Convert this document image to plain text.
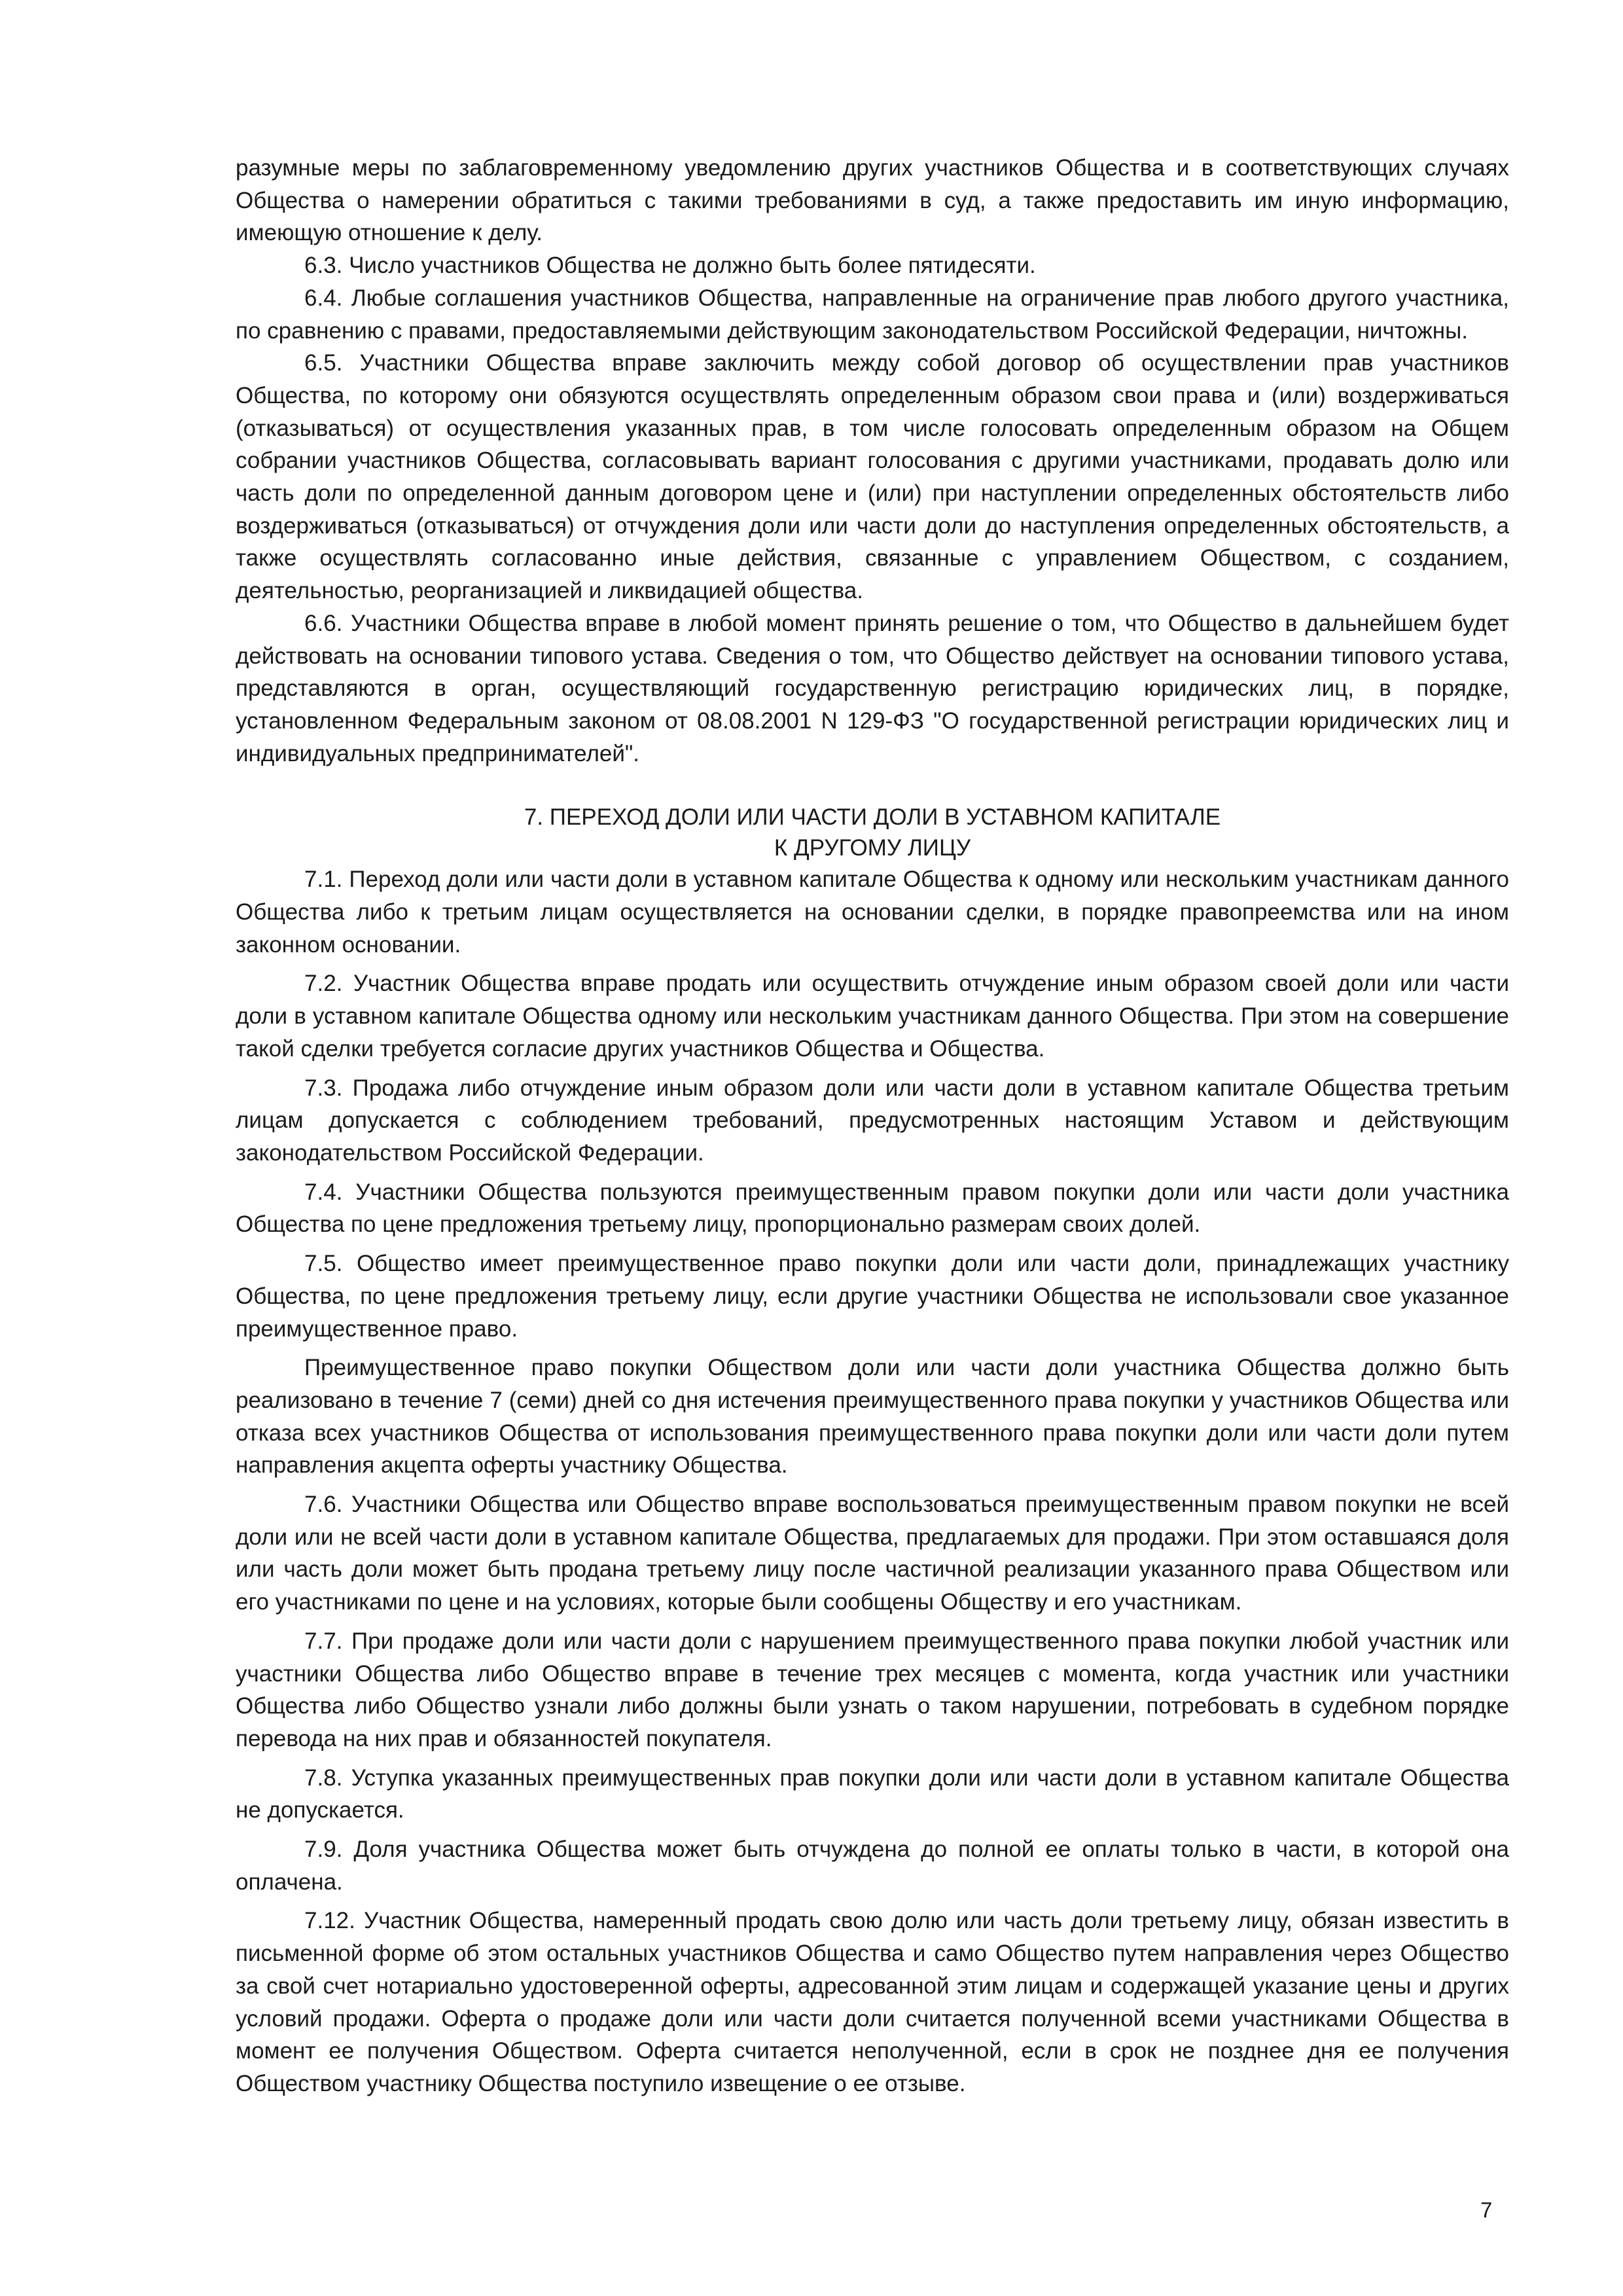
разумные меры по заблаговременному уведомлению других участников Общества и в соответствующих случаях Общества о намерении обратиться с такими требованиями в суд, а также предоставить им иную информацию, имеющую отношение к делу.

6.3. Число участников Общества не должно быть более пятидесяти.

6.4. Любые соглашения участников Общества, направленные на ограничение прав любого другого участника, по сравнению с правами, предоставляемыми действующим законодательством Российской Федерации, ничтожны.

6.5. Участники Общества вправе заключить между собой договор об осуществлении прав участников Общества, по которому они обязуются осуществлять определенным образом свои права и (или) воздерживаться (отказываться) от осуществления указанных прав, в том числе голосовать определенным образом на Общем собрании участников Общества, согласовывать вариант голосования с другими участниками, продавать долю или часть доли по определенной данным договором цене и (или) при наступлении определенных обстоятельств либо воздерживаться (отказываться) от отчуждения доли или части доли до наступления определенных обстоятельств, а также осуществлять согласованно иные действия, связанные с управлением Обществом, с созданием, деятельностью, реорганизацией и ликвидацией общества.

6.6. Участники Общества вправе в любой момент принять решение о том, что Общество в дальнейшем будет действовать на основании типового устава. Сведения о том, что Общество действует на основании типового устава, представляются в орган, осуществляющий государственную регистрацию юридических лиц, в порядке, установленном Федеральным законом от 08.08.2001 N 129-ФЗ "О государственной регистрации юридических лиц и индивидуальных предпринимателей".

7. ПЕРЕХОД ДОЛИ ИЛИ ЧАСТИ ДОЛИ В УСТАВНОМ КАПИТАЛЕ
К ДРУГОМУ ЛИЦУ

7.1. Переход доли или части доли в уставном капитале Общества к одному или нескольким участникам данного Общества либо к третьим лицам осуществляется на основании сделки, в порядке правопреемства или на ином законном основании.

7.2. Участник Общества вправе продать или осуществить отчуждение иным образом своей доли или части доли в уставном капитале Общества одному или нескольким участникам данного Общества. При этом на совершение такой сделки требуется согласие других участников Общества и Общества.

7.3. Продажа либо отчуждение иным образом доли или части доли в уставном капитале Общества третьим лицам допускается с соблюдением требований, предусмотренных настоящим Уставом и действующим законодательством Российской Федерации.

7.4. Участники Общества пользуются преимущественным правом покупки доли или части доли участника Общества по цене предложения третьему лицу, пропорционально размерам своих долей.

7.5. Общество имеет преимущественное право покупки доли или части доли, принадлежащих участнику Общества, по цене предложения третьему лицу, если другие участники Общества не использовали свое указанное преимущественное право.

Преимущественное право покупки Обществом доли или части доли участника Общества должно быть реализовано в течение 7 (семи) дней со дня истечения преимущественного права покупки у участников Общества или отказа всех участников Общества от использования преимущественного права покупки доли или части доли путем направления акцепта оферты участнику Общества.

7.6. Участники Общества или Общество вправе воспользоваться преимущественным правом покупки не всей доли или не всей части доли в уставном капитале Общества, предлагаемых для продажи. При этом оставшаяся доля или часть доли может быть продана третьему лицу после частичной реализации указанного права Обществом или его участниками по цене и на условиях, которые были сообщены Обществу и его участникам.

7.7. При продаже доли или части доли с нарушением преимущественного права покупки любой участник или участники Общества либо Общество вправе в течение трех месяцев с момента, когда участник или участники Общества либо Общество узнали либо должны были узнать о таком нарушении, потребовать в судебном порядке перевода на них прав и обязанностей покупателя.

7.8. Уступка указанных преимущественных прав покупки доли или части доли в уставном капитале Общества не допускается.

7.9. Доля участника Общества может быть отчуждена до полной ее оплаты только в части, в которой она оплачена.

7.12. Участник Общества, намеренный продать свою долю или часть доли третьему лицу, обязан известить в письменной форме об этом остальных участников Общества и само Общество путем направления через Общество за свой счет нотариально удостоверенной оферты, адресованной этим лицам и содержащей указание цены и других условий продажи. Оферта о продаже доли или части доли считается полученной всеми участниками Общества в момент ее получения Обществом. Оферта считается неполученной, если в срок не позднее дня ее получения Обществом участнику Общества поступило извещение о ее отзыве.

7
